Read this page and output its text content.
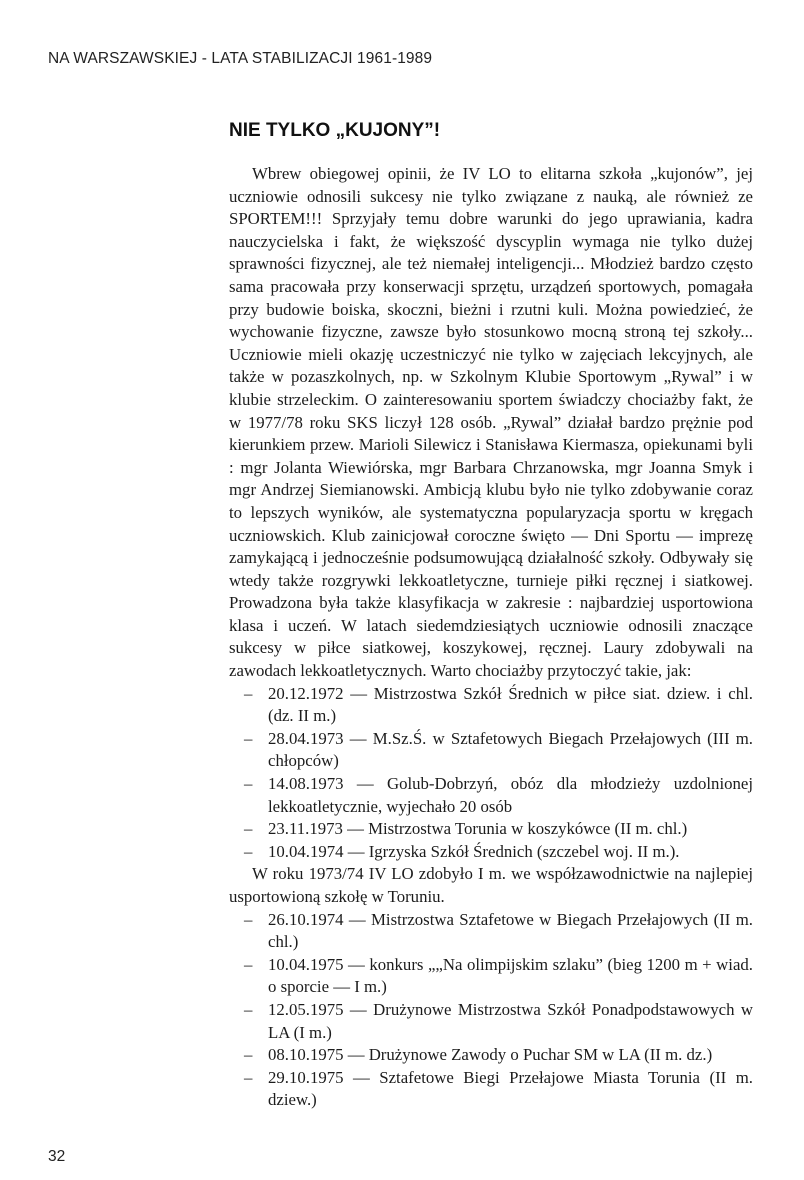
NA WARSZAWSKIEJ - LATA STABILIZACJI 1961-1989
NIE TYLKO „KUJONY”!

Wbrew obiegowej opinii, że IV LO to elitarna szkoła „kujonów”, jej uczniowie odnosili sukcesy nie tylko związane z nauką, ale również ze SPORTEM!!! Sprzyjały temu dobre warunki do jego uprawiania, kadra nauczycielska i fakt, że większość dyscyplin wymaga nie tylko dużej sprawności fizycznej, ale też niemałej inteligencji... Młodzież bardzo często sama pracowała przy konserwacji sprzętu, urządzeń sportowych, pomagała przy budowie boiska, skoczni, bieżni i rzutni kuli. Można powiedzieć, że wychowanie fizyczne, zawsze było stosunkowo mocną stroną tej szkoły... Uczniowie mieli okazję uczestniczyć nie tylko w zajęciach lekcyjnych, ale także w pozaszkolnych, np. w Szkolnym Klubie Sportowym „Rywal” i w klubie strzeleckim. O zainteresowaniu sportem świadczy chociażby fakt, że w 1977/78 roku SKS liczył 128 osób. „Rywal” działał bardzo prężnie pod kierunkiem przew. Marioli Silewicz i Stanisława Kiermasza, opiekunami byli : mgr Jolanta Wiewiórska, mgr Barbara Chrzanowska, mgr Joanna Smyk i mgr Andrzej Siemianowski. Ambicją klubu było nie tylko zdobywanie coraz to lepszych wyników, ale systematyczna popularyzacja sportu w kręgach uczniowskich. Klub zainicjował coroczne święto — Dni Sportu — imprezę zamykającą i jednocześnie podsumowującą działalność szkoły. Odbywały się wtedy także rozgrywki lekkoatletyczne, turnieje piłki ręcznej i siatkowej. Prowadzona była także klasyfikacja w zakresie : najbardziej usportowiona klasa i uczeń. W latach siedemdziesiątych uczniowie odnosili znaczące sukcesy w piłce siatkowej, koszykowej, ręcznej. Laury zdobywali na zawodach lekkoatletycznych. Warto chociażby przytoczyć takie, jak:

– 20.12.1972 — Mistrzostwa Szkół Średnich w piłce siat. dziew. i chl. (dz. II m.)
– 28.04.1973 — M.Sz.Ś. w Sztafetowych Biegach Przełajowych (III m. chłopców)
– 14.08.1973 — Golub-Dobrzyń, obóz dla młodzieży uzdolnionej lekkoatletycznie, wyjechało 20 osób
– 23.11.1973 — Mistrzostwa Torunia w koszykówce (II m. chl.)
– 10.04.1974 — Igrzyska Szkół Średnich (szczebel woj. II m.).

W roku 1973/74 IV LO zdobyło I m. we współzawodnictwie na najlepiej usportowioną szkołę w Toruniu.

– 26.10.1974 — Mistrzostwa Sztafetowe w Biegach Przełajowych (II m. chl.)
– 10.04.1975 — konkurs „„Na olimpijskim szlaku” (bieg 1200 m + wiad. o sporcie — I m.)
– 12.05.1975 — Drużynowe Mistrzostwa Szkół Ponadpodstawowych w LA (I m.)
– 08.10.1975 — Drużynowe Zawody o Puchar SM w LA (II m. dz.)
– 29.10.1975 — Sztafetowe Biegi Przełajowe Miasta Torunia (II m. dziew.)
32
